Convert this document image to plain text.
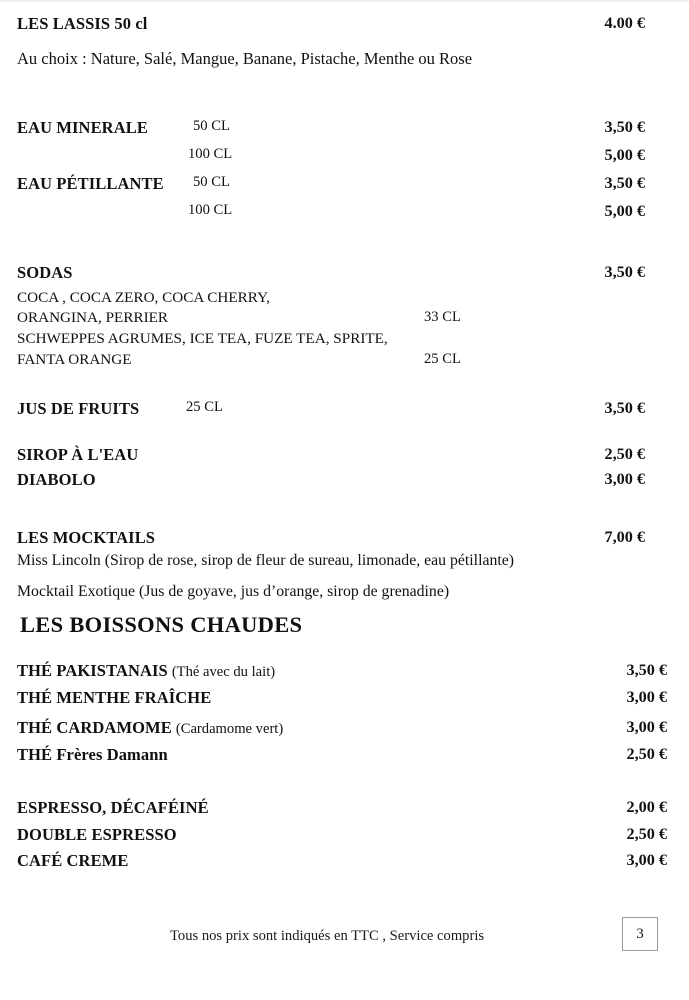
LES LASSIS 50 cl	4.00 €
Au choix : Nature, Salé, Mangue, Banane, Pistache, Menthe ou Rose
EAU MINERALE	50 CL	3,50 €
100 CL	5,00 €
EAU PÉTILLANTE 50 CL	3,50 €
100 CL	5,00 €
SODAS	3,50 €
COCA , COCA ZERO, COCA CHERRY,
ORANGINA, PERRIER	33 CL
SCHWEPPES AGRUMES, ICE TEA, FUZE TEA, SPRITE,
FANTA ORANGE	25 CL
JUS DE FRUITS	25 CL	3,50 €
SIROP À L'EAU	2,50 €
DIABOLO	3,00 €
LES MOCKTAILS	7,00 €
Miss Lincoln (Sirop de rose, sirop de fleur de sureau, limonade, eau pétillante)
Mocktail Exotique (Jus de goyave, jus d’orange, sirop de grenadine)
LES BOISSONS CHAUDES
THÉ PAKISTANAIS (Thé avec du lait)	3,50 €
THÉ MENTHE FRAÎCHE	3,00 €
THÉ CARDAMOME (Cardamome vert)	3,00 €
THÉ Frères Damann	2,50 €
ESPRESSO, DÉCAFÉINÉ	2,00 €
DOUBLE ESPRESSO	2,50 €
CAFÉ CREME	3,00 €
Tous nos prix sont indiqués en TTC , Service compris	3
